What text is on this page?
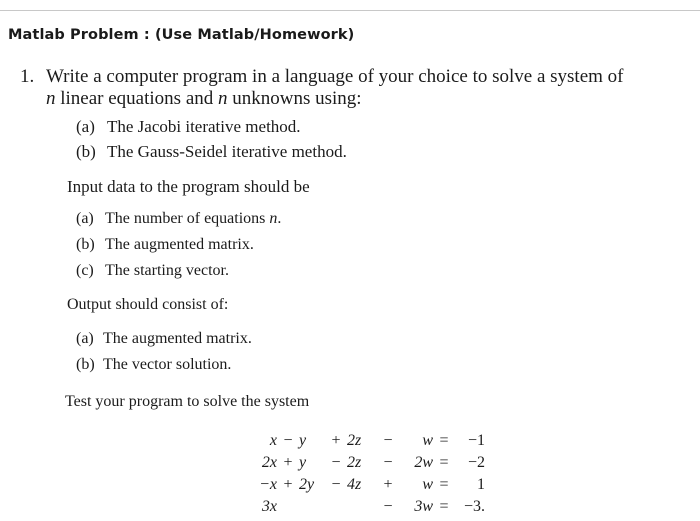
Matlab Problem : (Use Matlab/Homework)
1. Write a computer program in a language of your choice to solve a system of
n linear equations and n unknowns using:
(a) The Jacobi iterative method.
(b) The Gauss-Seidel iterative method.
Input data to the program should be
(a) The number of equations n.
(b) The augmented matrix.
(c) The starting vector.
Output should consist of:
(a) The augmented matrix.
(b) The vector solution.
Test your program to solve the system
x	−	y	+	2z	−	w	=	−1
2x	+	y	−	2z	−	2w	=	−2
−x	+	2y	−	4z	+	w	=	1
3x					−	3w	=	−3.
